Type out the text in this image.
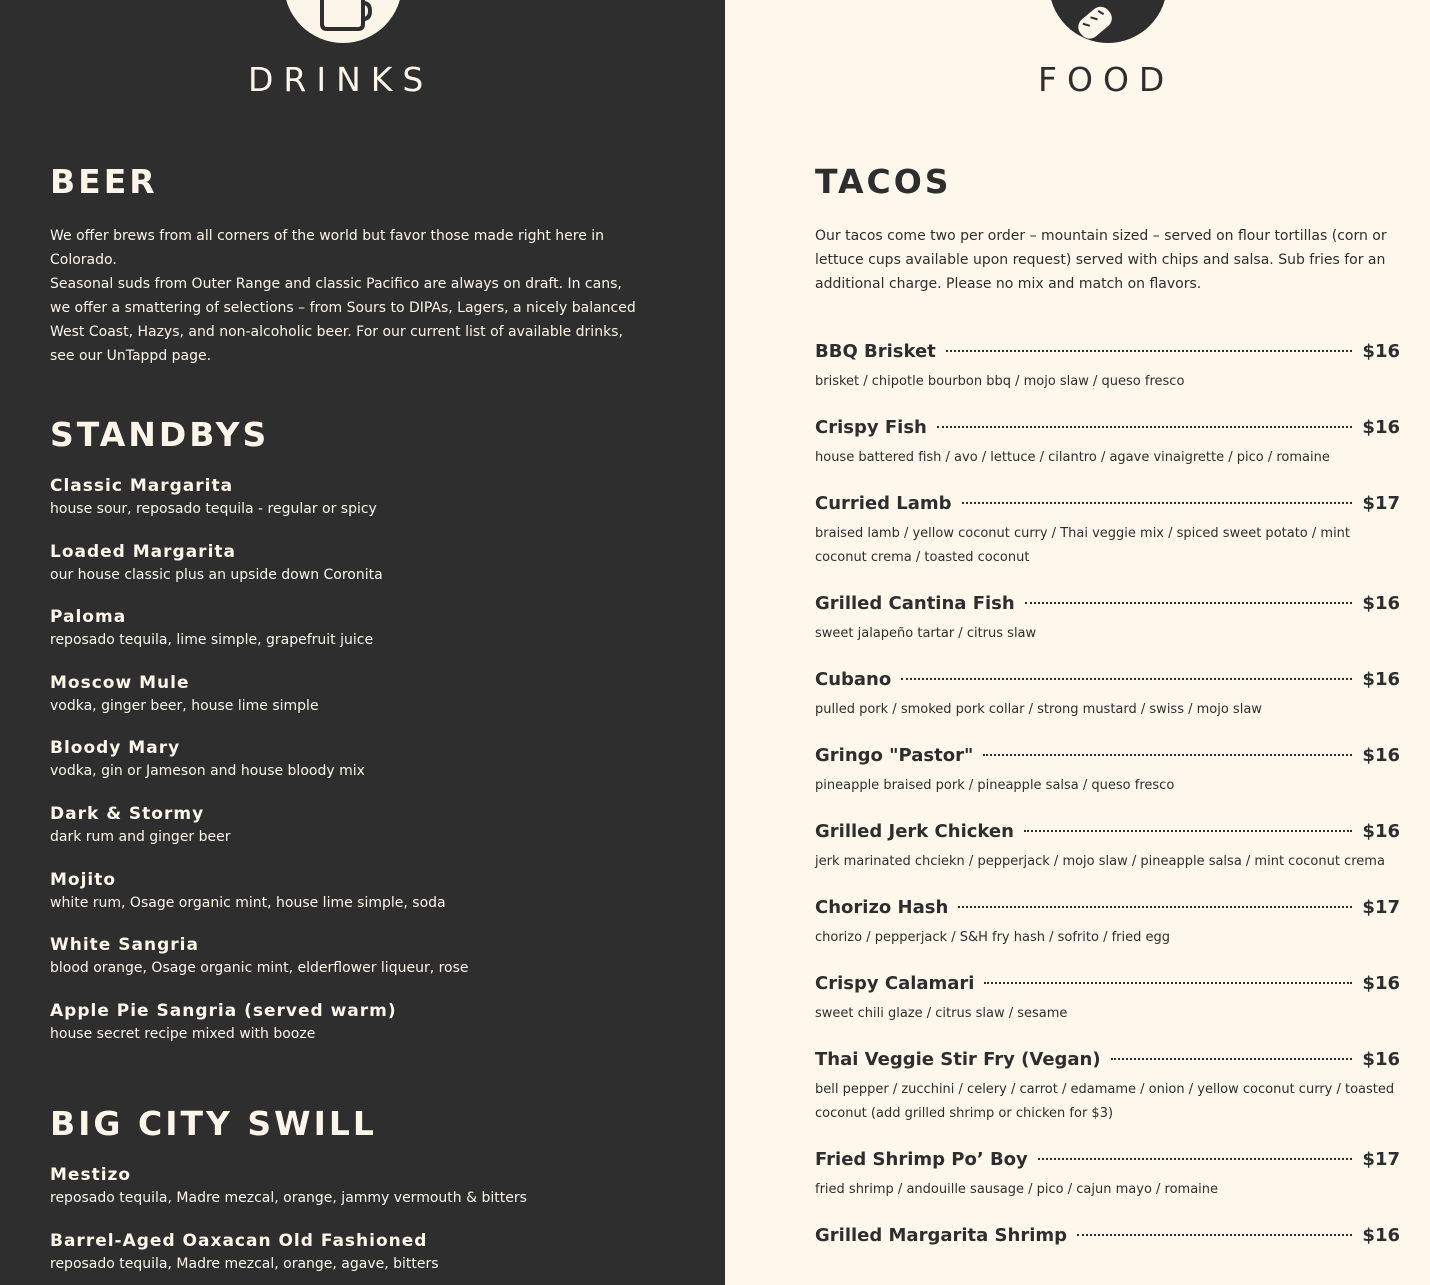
DRINKS
BEER

We offer brews from all corners of the world but favor those made right here in Colorado.

Seasonal suds from Outer Range and classic Pacifico are always on draft. In cans, we offer a smattering of selections – from Sours to DIPAs, Lagers, a nicely balanced West Coast, Hazys, and non-alcoholic beer. For our current list of available drinks, see our UnTappd page.

STANDBYS
Classic Margarita
house sour, reposado tequila - regular or spicy
Loaded Margarita
our house classic plus an upside down Coronita
Paloma
reposado tequila, lime simple, grapefruit juice
Moscow Mule
vodka, ginger beer, house lime simple
Bloody Mary
vodka, gin or Jameson and house bloody mix
Dark & Stormy
dark rum and ginger beer
Mojito
white rum, Osage organic mint, house lime simple, soda
White Sangria
blood orange, Osage organic mint, elderflower liqueur, rose
Apple Pie Sangria (served warm)
house secret recipe mixed with booze
BIG CITY SWILL
Mestizo
reposado tequila, Madre mezcal, orange, jammy vermouth & bitters
Barrel-Aged Oaxacan Old Fashioned
reposado tequila, Madre mezcal, orange, agave, bitters
FOOD
TACOS

Our tacos come two per order – mountain sized – served on flour tortillas (corn or lettuce cups available upon request) served with chips and salsa. Sub fries for an additional charge. Please no mix and match on flavors.

BBQ Brisket	$16
brisket / chipotle bourbon bbq / mojo slaw / queso fresco
Crispy Fish	$16
house battered fish / avo / lettuce / cilantro / agave vinaigrette / pico / romaine
Curried Lamb	$17
braised lamb / yellow coconut curry / Thai veggie mix / spiced sweet potato / mint coconut crema / toasted coconut
Grilled Cantina Fish	$16
sweet jalapeño tartar / citrus slaw
Cubano	$16
pulled pork / smoked pork collar / strong mustard / swiss / mojo slaw
Gringo "Pastor"	$16
pineapple braised pork / pineapple salsa / queso fresco
Grilled Jerk Chicken	$16
jerk marinated chciekn / pepperjack / mojo slaw / pineapple salsa / mint coconut crema
Chorizo Hash	$17
chorizo / pepperjack / S&H fry hash / sofrito / fried egg
Crispy Calamari	$16
sweet chili glaze / citrus slaw / sesame
Thai Veggie Stir Fry (Vegan)	$16
bell pepper / zucchini / celery / carrot / edamame / onion / yellow coconut curry / toasted coconut (add grilled shrimp or chicken for $3)
Fried Shrimp Po’ Boy	$17
fried shrimp / andouille sausage / pico / cajun mayo / romaine
Grilled Margarita Shrimp	$16
